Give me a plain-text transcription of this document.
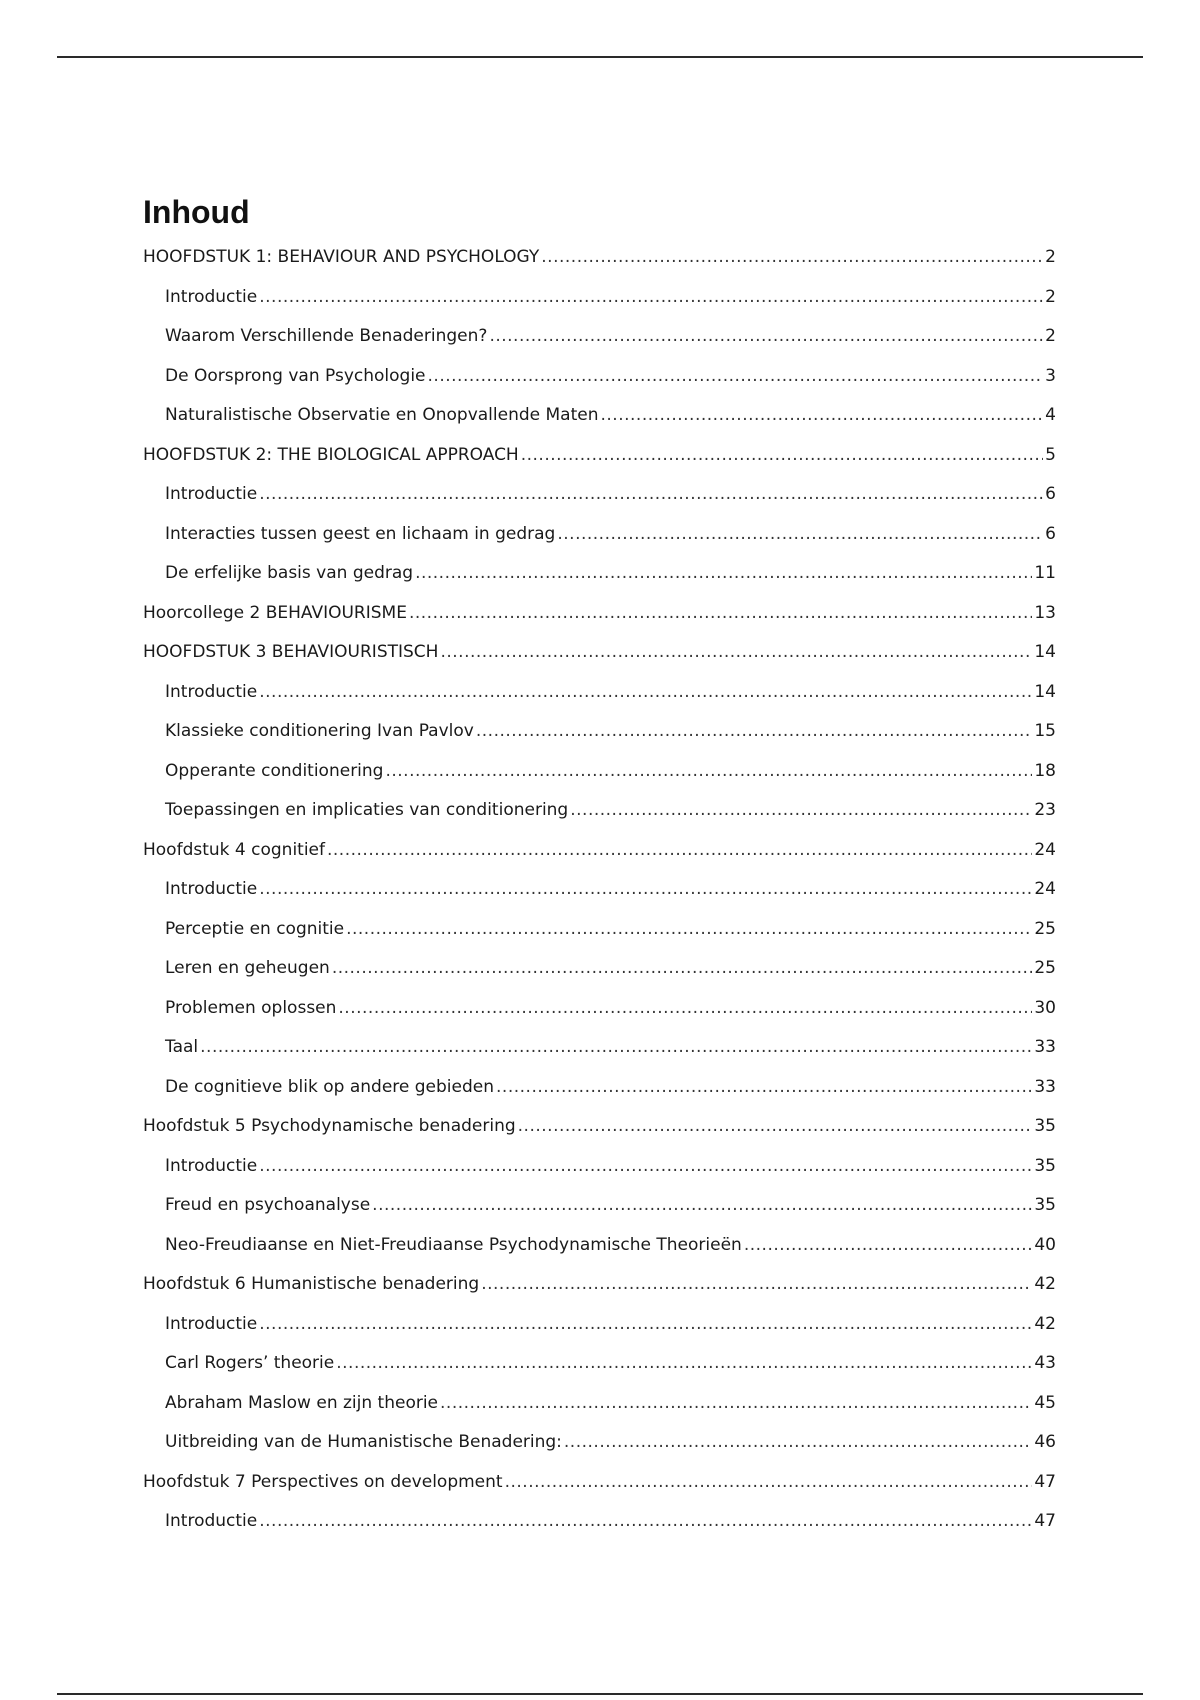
Inhoud
HOOFDSTUK 1: BEHAVIOUR AND PSYCHOLOGY .....	2
Introductie .....	2
Waarom Verschillende Benaderingen? .....	2
De Oorsprong van Psychologie .....	3
Naturalistische Observatie en Onopvallende Maten .....	4
HOOFDSTUK 2: THE BIOLOGICAL APPROACH .....	5
Introductie .....	6
Interacties tussen geest en lichaam in gedrag .....	6
De erfelijke basis van gedrag .....	11
Hoorcollege 2 BEHAVIOURISME .....	13
HOOFDSTUK 3 BEHAVIOURISTISCH .....	14
Introductie .....	14
Klassieke conditionering Ivan Pavlov .....	15
Opperante conditionering .....	18
Toepassingen en implicaties van conditionering .....	23
Hoofdstuk 4 cognitief .....	24
Introductie .....	24
Perceptie en cognitie .....	25
Leren en geheugen .....	25
Problemen oplossen .....	30
Taal .....	33
De cognitieve blik op andere gebieden .....	33
Hoofdstuk 5 Psychodynamische benadering .....	35
Introductie .....	35
Freud en psychoanalyse .....	35
Neo-Freudiaanse en Niet-Freudiaanse Psychodynamische Theorieën .....	40
Hoofdstuk 6 Humanistische benadering .....	42
Introductie .....	42
Carl Rogers’ theorie .....	43
Abraham Maslow en zijn theorie .....	45
Uitbreiding van de Humanistische Benadering: .....	46
Hoofdstuk 7 Perspectives on development .....	47
Introductie .....	47
